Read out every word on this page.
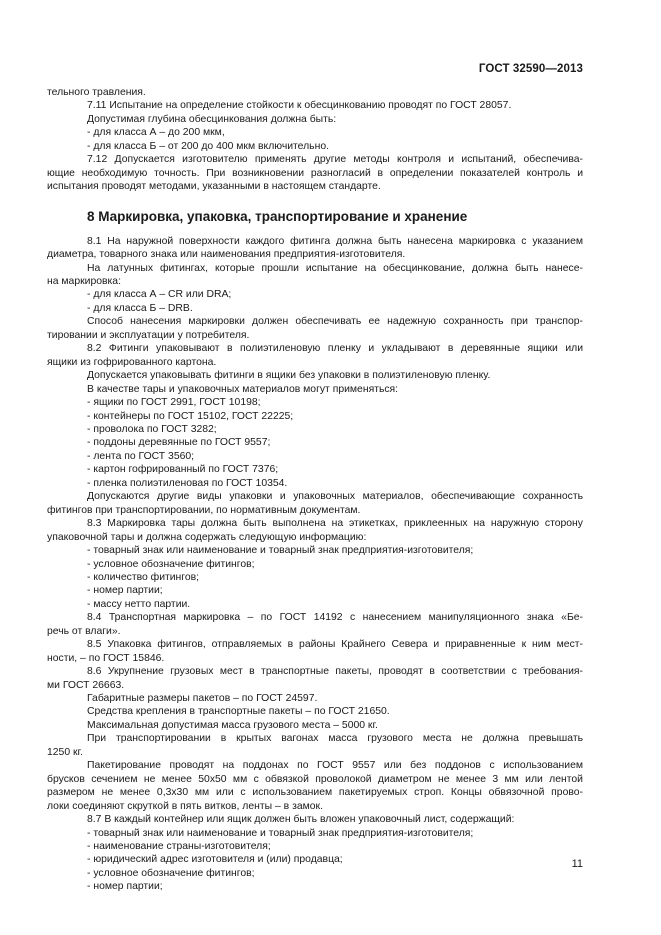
ГОСТ 32590—2013
тельного травления.
7.11 Испытание на определение стойкости к обесцинкованию проводят по ГОСТ 28057.
Допустимая глубина обесцинкования должна быть:
- для класса А – до 200 мкм,
- для класса Б – от 200 до 400 мкм включительно.
7.12 Допускается изготовителю применять другие методы контроля и испытаний, обеспечива-
ющие необходимую точность. При возникновении разногласий в определении показателей контроль и
испытания проводят методами, указанными в настоящем стандарте.
8 Маркировка, упаковка, транспортирование и хранение
8.1 На наружной поверхности каждого фитинга должна быть нанесена маркировка с указанием
диаметра, товарного знака или наименования предприятия-изготовителя.
На латунных фитингах, которые прошли испытание на обесцинкование, должна быть нанесе-
на маркировка:
- для класса А – CR или DRA;
- для класса Б – DRB.
Способ нанесения маркировки должен обеспечивать ее надежную сохранность при транспор-
тировании и эксплуатации у потребителя.
8.2 Фитинги упаковывают в полиэтиленовую пленку и укладывают в деревянные ящики или
ящики из гофрированного картона.
Допускается упаковывать фитинги в ящики без упаковки в полиэтиленовую пленку.
В качестве тары и упаковочных материалов могут применяться:
- ящики по ГОСТ 2991, ГОСТ 10198;
- контейнеры по ГОСТ 15102, ГОСТ 22225;
- проволока по ГОСТ 3282;
- поддоны деревянные по ГОСТ 9557;
- лента по ГОСТ 3560;
- картон гофрированный по ГОСТ 7376;
- пленка полиэтиленовая по ГОСТ 10354.
Допускаются другие виды упаковки и упаковочных материалов, обеспечивающие сохранность
фитингов при транспортировании, по нормативным документам.
8.3 Маркировка тары должна быть выполнена на этикетках, приклеенных на наружную сторону
упаковочной тары и должна содержать следующую информацию:
- товарный знак или наименование и товарный знак предприятия-изготовителя;
- условное обозначение фитингов;
- количество фитингов;
- номер партии;
- массу нетто партии.
8.4 Транспортная маркировка – по ГОСТ 14192 с нанесением манипуляционного знака «Бе-
речь от влаги».
8.5 Упаковка фитингов, отправляемых в районы Крайнего Севера и приравненные к ним мест-
ности, – по ГОСТ 15846.
8.6 Укрупнение грузовых мест в транспортные пакеты, проводят в соответствии с требования-
ми ГОСТ 26663.
Габаритные размеры пакетов – по ГОСТ 24597.
Средства крепления в транспортные пакеты – по ГОСТ 21650.
Максимальная допустимая масса грузового места – 5000 кг.
При транспортировании в крытых вагонах масса грузового места не должна превышать
1250 кг.
Пакетирование проводят на поддонах по ГОСТ 9557 или без поддонов с использованием
брусков сечением не менее 50x50 мм с обвязкой проволокой диаметром не менее 3 мм или лентой
размером не менее 0,3x30 мм или с использованием пакетируемых строп. Концы обвязочной прово-
локи соединяют скруткой в пять витков, ленты – в замок.
8.7 В каждый контейнер или ящик должен быть вложен упаковочный лист, содержащий:
- товарный знак или наименование и товарный знак предприятия-изготовителя;
- наименование страны-изготовителя;
- юридический адрес изготовителя и (или) продавца;
- условное обозначение фитингов;
- номер партии;
11
